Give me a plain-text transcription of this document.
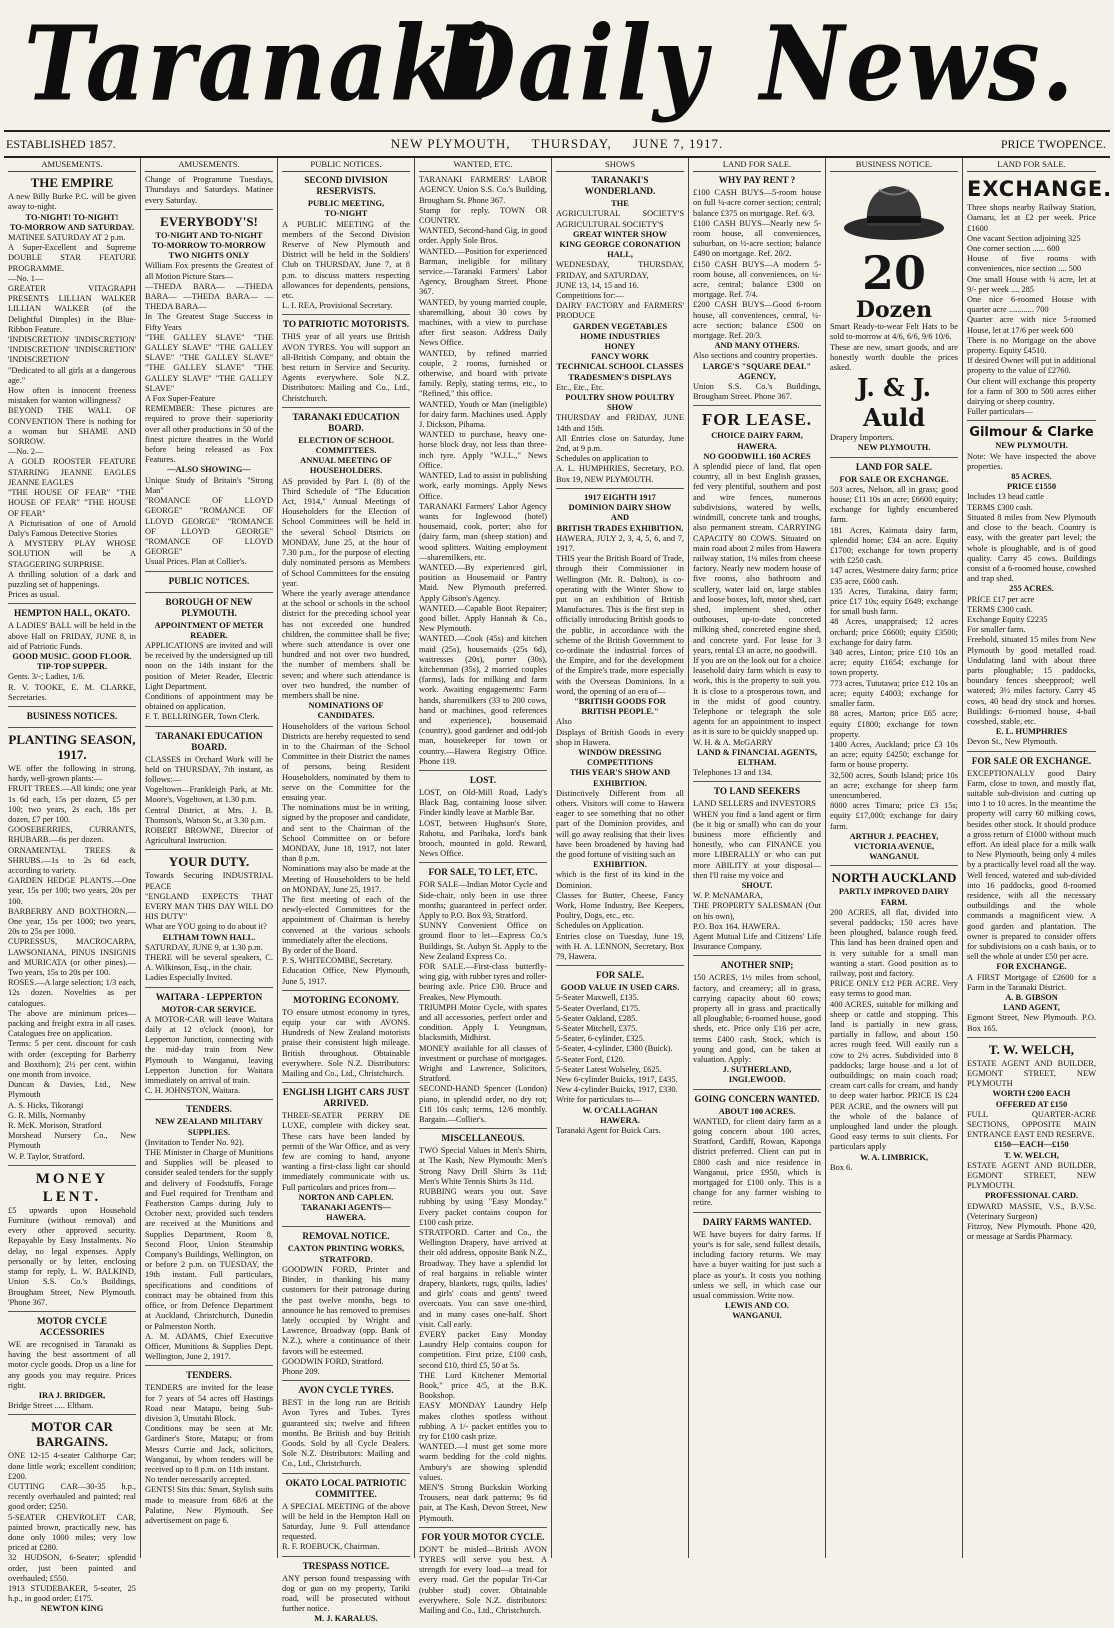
Taranaki
Daily News.
ESTABLISHED 1857.	NEW PLYMOUTH, THURSDAY, JUNE 7, 1917.	PRICE TWOPENCE.
AMUSEMENTS.
THE EMPIRE
A new Billy Burke P.C. will be given away to-night.
TO-NIGHT! TO-NIGHT!
TO-MORROW AND SATURDAY.
MATINEE SATURDAY AT 2 p.m.
A Super-Excellent and Supreme DOUBLE STAR FEATURE PROGRAMME.
—No. 1—
GREATER VITAGRAPH PRESENTS LILLIAN WALKER LILLIAN WALKER (of the Delightful Dimples) in the Blue-Ribbon Feature.
'INDISCRETION' 'INDISCRETION' 'INDISCRETION' 'INDISCRETION' 'INDISCRETION'
"Dedicated to all girls at a dangerous age."
How often is innocent freeness mistaken for wanton willingness?
BEYOND THE WALL OF CONVENTION There is nothing for a woman but SHAME AND SORROW.
—No. 2—
A GOLD ROOSTER FEATURE STARRING JEANNE EAGLES JEANNE EAGLES
"THE HOUSE OF FEAR" "THE HOUSE OF FEAR" "THE HOUSE OF FEAR"
A Picturisation of one of Arnold Daly's Famous Detective Stories
A MYSTERY PLAY WHOSE SOLUTION will be A STAGGERING SURPRISE.
A thrilling solution of a dark and puzzling set of happenings.
Prices as usual.
HEMPTON HALL, OKATO.
A LADIES' BALL will be held in the above Hall on FRIDAY, JUNE 8, in aid of Patriotic Funds.
GOOD MUSIC. GOOD FLOOR. TIP-TOP SUPPER.
Gents. 3/-; Ladies, 1/6.
R. V. TOOKE, E. M. CLARKE, Secretaries.
BUSINESS NOTICES.
PLANTING SEASON, 1917.
WE offer the following in strong, hardy, well-grown plants:—
FRUIT TREES.—All kinds; one year 1s 6d each, 15s per dozen, £5 per 100; two years, 2s each, 18s per dozen, £7 per 100.
GOOSEBERRIES, CURRANTS, RHUBARB.—6s per dozen.
ORNAMENTAL TREES & SHRUBS.—1s to 2s 6d each, according to variety.
GARDEN HEDGE PLANTS.—One year, 15s per 100; two years, 20s per 100.
BARBERRY AND BOXTHORN.—One year, 15s per 1000; two years, 20s to 25s per 1000.
CUPRESSUS, MACROCARPA, LAWSONIANA, PINUS INSIGNIS and MURICATA (or other pines).—Two years, 15s to 20s per 100.
ROSES.—A large selection; 1/3 each, 12s dozen. Novelties as per catalogues.
The above are minimum prices—packing and freight extra in all cases. Catalogues free on application.
Terms: 5 per cent. discount for cash with order (excepting for Barberry and Boxthorn); 2½ per cent. within one month from invoice.
Duncan & Davies, Ltd., New Plymouth
A. S. Hicks, Tikorangi
G. R. Mills, Normanby
R. McK. Morison, Stratford
Morshead Nursery Co., New Plymouth
W. P. Taylor, Stratford.
MONEY LENT.
£5 upwards upon Household Furniture (without removal) and every other approved security. Repayable by Easy Instalments. No delay, no legal expenses. Apply personally or by letter, enclosing stamp for reply, L. W. BALKIND, Union S.S. Co.'s Buildings, Brougham Street, New Plymouth. 'Phone 367.
MOTOR CYCLE ACCESSORIES
WE are recognised in Taranaki as having the best assortment of all motor cycle goods. Drop us a line for any goods you may require. Prices right.
IRA J. BRIDGER,
Bridge Street ..... Eltham.
MOTOR CAR BARGAINS.
ONE 12-15 4-seater Calthorpe Car; done little work; excellent condition; £200.
CUTTING CAR—30-35 h.p., recently overhauled and painted; real good order; £250.
5-SEATER CHEVROLET CAR, painted brown, practically new, has done only 1000 miles; very low priced at £280.
32 HUDSON, 6-Seater; splendid order, just been painted and overhauled; £550.
1913 STUDEBAKER, 5-seater, 25 h.p., in good order; £175.
NEWTON KING
AMUSEMENTS.
Change of Programme Tuesdays, Thursdays and Saturdays. Matinee every Saturday.
EVERYBODY'S!
TO-NIGHT AND TO-NIGHT
TO-MORROW TO-MORROW
TWO NIGHTS ONLY
William Fox presents the Greatest of all Motion Picture Stars—
—THEDA BARA— —THEDA BARA— —THEDA BARA— —THEDA BARA—
In The Greatest Stage Success in Fifty Years
"THE GALLEY SLAVE" "THE GALLEY SLAVE" "THE GALLEY SLAVE" "THE GALLEY SLAVE" "THE GALLEY SLAVE" "THE GALLEY SLAVE" "THE GALLEY SLAVE"
A Fox Super-Feature
REMEMBER: These pictures are required to prove their superiority over all other productions in 50 of the finest picture theatres in the World before being released as Fox Features.
—ALSO SHOWING—
Unique Study of Britain's "Strong Man"
"ROMANCE OF LLOYD GEORGE" "ROMANCE OF LLOYD GEORGE" "ROMANCE OF LLOYD GEORGE" "ROMANCE OF LLOYD GEORGE"
Usual Prices. Plan at Collier's.
PUBLIC NOTICES.
BOROUGH OF NEW PLYMOUTH.
APPOINTMENT OF METER READER.
APPLICATIONS are invited and will be received by the undersigned up till noon on the 14th instant for the position of Meter Reader, Electric Light Department.
Conditions of appointment may be obtained on application.
F. T. BELLRINGER, Town Clerk.
TARANAKI EDUCATION BOARD.
CLASSES in Orchard Work will be held on THURSDAY, 7th instant, as follows:—
Vogeltown—Frankleigh Park, at Mr. Moore's, Vogeltown, at 1.30 p.m.
Central District, at Mrs. J. B. Thomson's, Watson St., at 3.30 p.m.
ROBERT BROWNE, Director of Agricultural Instruction.
YOUR DUTY.
Towards Securing INDUSTRIAL PEACE
"ENGLAND EXPECTS THAT EVERY MAN THIS DAY WILL DO HIS DUTY"
What are YOU going to do about it?
ELTHAM TOWN HALL.
SATURDAY, JUNE 9, at 1.30 p.m.
THERE will be several speakers, C. A. Wilkinson, Esq., in the chair.
Ladies Especially Invited.
WAITARA - LEPPERTON
MOTOR-CAR SERVICE.
A MOTOR-CAR will leave Waitara daily at 12 o'clock (noon), for Lepperton Junction, connecting with the mid-day train from New Plymouth to Wanganui, leaving Lepperton Junction for Waitara immediately on arrival of train.
C. H. JOHNSTON, Waitara.
TENDERS.
NEW ZEALAND MILITARY SUPPLIES.
(Invitation to Tender No. 92).
THE Minister in Charge of Munitions and Supplies will be pleased to consider sealed tenders for the supply and delivery of Foodstuffs, Forage and Fuel required for Trentham and Featherston Camps during July to October next, provided such tenders are received at the Munitions and Supplies Department, Room 8, Second Floor, Union Steamship Company's Buildings, Wellington, on or before 2 p.m. on TUESDAY, the 19th instant. Full particulars, specifications and conditions of contract may be obtained from this office, or from Defence Department at Auckland, Christchurch, Dunedin or Palmerston North.
A. M. ADAMS, Chief Executive Officer, Munitions & Supplies Dept. Wellington, June 2, 1917.
TENDERS.
TENDERS are invited for the lease for 7 years of 54 acres off Hastings Road near Matapu, being Sub-division 3, Umutahi Block.
Conditions may be seen at Mr. Gardiner's Store, Matapu; or from Messrs Currie and Jack, solicitors, Wanganui, by whom tenders will be received up to 8 p.m. on 11th instant.
No tender necessarily accepted.
GENTS! Sits this: Smart, Stylish suits made to measure from 68/6 at the Palatine, New Plymouth. See advertisement on page 6.
PUBLIC NOTICES.
SECOND DIVISION RESERVISTS.
PUBLIC MEETING,
TO-NIGHT
A PUBLIC MEETING of the members of the Second Division Reserve of New Plymouth and District will be held in the Soldiers' Club on THURSDAY, June 7, at 8 p.m. to discuss matters respecting allowances for dependents, pensions, etc.
L. I. REA, Provisional Secretary.
TO PATRIOTIC MOTORISTS.
THIS year of all years use British AVON TYRES. You will support an all-British Company, and obtain the best return in Service and Security. Agents everywhere. Sole N.Z. Distributors: Mailing and Co., Ltd., Christchurch.
TARANAKI EDUCATION BOARD.
ELECTION OF SCHOOL COMMITTEES.
ANNUAL MEETING OF HOUSEHOLDERS.
AS provided by Part I. (8) of the Third Schedule of "The Education Act, 1914," Annual Meetings of Householders for the Election of School Committees will be held in the several School Districts on MONDAY, June 25, at the hour of 7.30 p.m., for the purpose of electing duly nominated persons as Members of School Committees for the ensuing year.
Where the yearly average attendance at the school or schools in the school district for the preceding school year has not exceeded one hundred children, the committee shall be five; where such attendance is over one hundred and not over two hundred, the number of members shall be seven; and where such attendance is over two hundred, the number of members shall be nine.
NOMINATIONS OF CANDIDATES.
Householders of the various School Districts are hereby requested to send in to the Chairman of the School Committee in their District the names of persons, being Resident Householders, nominated by them to serve on the Committee for the ensuing year.
The nominations must be in writing, signed by the proposer and candidate, and sent to the Chairman of the School Committee on or before MONDAY, June 18, 1917, not later than 8 p.m.
Nominations may also be made at the Meeting of Householders to be held on MONDAY, June 25, 1917.
The first meeting of each of the newly-elected Committees for the appointment of Chairman is hereby convened at the various schools immediately after the elections.
By order of the Board.
P. S. WHITECOMBE, Secretary.
Education Office, New Plymouth, June 5, 1917.
MOTORING ECONOMY.
TO ensure utmost economy in tyres, equip your car with AVONS. Hundreds of New Zealand motorists praise their consistent high mileage. British throughout. Obtainable everywhere. Sole N.Z. Distributors: Mailing and Co., Ltd., Christchurch.
ENGLISH LIGHT CARS JUST ARRIVED.
THREE-SEATER PERRY DE LUXE, complete with dickey seat. These cars have been landed by permit of the War Office, and as very few are coming to hand, anyone wanting a first-class light car should immediately communicate with us. Full particulars and prices from—
NORTON AND CAPLEN.
TARANAKI AGENTS—HAWERA.
REMOVAL NOTICE.
CAXTON PRINTING WORKS, STRATFORD.
GOODWIN FORD, Printer and Binder, in thanking his many customers for their patronage during the past twelve months, begs to announce he has removed to premises lately occupied by Wright and Lawrence, Broadway (opp. Bank of N.Z.), where a continuance of their favors will be esteemed.
GOODWIN FORD, Stratford.
Phone 209.
AVON CYCLE TYRES.
BEST in the long run are British Avon Tyres and Tubes. Tyres guaranteed six; twelve and fifteen months. Be British and buy British Goods. Sold by all Cycle Dealers. Sole N.Z. Distributors: Mailing and Co., Ltd., Christchurch.
OKATO LOCAL PATRIOTIC COMMITTEE.
A SPECIAL MEETING of the above will be held in the Hempton Hall on Saturday, June 9. Full attendance requested.
R. F. ROEBUCK, Chairman.
TRESPASS NOTICE.
ANY person found trespassing with dog or gun on my property, Tariki road, will be prosecuted without further notice.
M. J. KARALUS.
WANTED, ETC.
TARANAKI FARMERS' LABOR AGENCY. Union S.S. Co.'s Building, Brougham St. Phone 367.
Stamp for reply. TOWN OR COUNTRY.
WANTED, Second-hand Gig, in good order. Apply Sole Bros.
WANTED.—Position for experienced Barman, ineligible for military service.—Taranaki Farmers' Labor Agency, Brougham Street. Phone 367.
WANTED, by young married couple, sharemilking, about 30 cows by machines, with a view to purchase after first season. Address Daily News Office.
WANTED, by refined married couple, 2 rooms, furnished or otherwise, and board with private family. Reply, stating terms, etc., to "Refined," this office.
WANTED, Youth or Man (ineligible) for dairy farm. Machines used. Apply J. Dickson, Pihama.
WANTED to purchase, heavy one-horse block dray, not less than three-inch tyre. Apply "W.J.L.," News Office.
WANTED, Lad to assist in publishing work, early mornings. Apply News Office.
TARANAKI Farmers' Labor Agency wants for Inglewood (hotel) housemaid, cook, porter; also for (dairy farm, man (sheep station) and wood splitters. Waiting employment—sharemilkers, etc.
WANTED.—By experienced girl, position as Housemaid or Pantry Maid. New Plymouth preferred. Apply Gibson's Agency.
WANTED.—Capable Boot Repairer; good billet. Apply Hannah & Co., New Plymouth.
WANTED.—Cook (45s) and kitchen maid (25s), housemaids (25s 6d), waitresses (20s), porter (30s), kitchenman (35s), 2 married couples (farms), lads for milking and farm work. Awaiting engagements: Farm hands, sharemilkers (33 to 200 cows, hand or machines, good references and experience), housemaid (country), good gardener and odd-job man, housekeeper for town or country.—Hawera Registry Office. Phone 119.
LOST.
LOST, on Old-Mill Road, Lady's Black Bag, containing loose silver. Finder kindly leave at Marble Bar.
LOST, between Hughson's Store, Rahotu, and Parihaka, lord's bank brooch, mounted in gold. Reward, News Office.
FOR SALE, TO LET, ETC.
FOR SALE—Indian Motor Cycle and Side-chair, only been in use three months; guaranteed in perfect order. Apply to P.O. Box 93, Stratford.
SUNNY Convenient Office on ground floor to let—Express Co.'s Buildings, St. Aubyn St. Apply to the New Zealand Express Co.
FOR SALE.—First-class butterfly-wing gig, with rubber tyres and roller-bearing axle. Price £30. Bruce and Freakes, New Plymouth.
TRIUMPH Motor Cycle, with spares and all accessories, perfect order and condition. Apply I. Yeungman, blacksmith, Midhirst.
MONEY available for all classes of investment or purchase of mortgages. Wright and Lawrence, Solicitors, Stratford.
SECOND-HAND Spencer (London) piano, in splendid order, no dry rot; £18 10s cash; terms, 12/6 monthly. Bargain.—Collier's.
MISCELLANEOUS.
TWO Special Values in Men's Shirts, at The Kash, New Plymouth: Men's Strong Navy Drill Shirts 3s 11d; Men's White Tennis Shirts 3s 11d.
RUBBING wears you out. Save rubbing by using "Easy Monday." Every packet contains coupon for £100 cash prize.
STRATFORD. Carter and Co., the Wellington Drapery, have arrived at their old address, opposite Bank N.Z., Broadway. They have a splendid lot of real bargains in reliable winter drapery, blankets, rugs, quilts, ladies' and girls' coats and gents' tweed overcoats. You can save one-third, and in many cases one-half. Short visit. Call early.
EVERY packet Easy Monday Laundry Help contains coupon for competition. First prize, £100 cash, second £10, third £5, 50 at 5s.
THE Lord Kitchener Memorial Book," price 4/5, at the B.K. Bookshop.
EASY MONDAY Laundry Help makes clothes spotless without rubbing. A 1/- packet entitles you to try for £100 cash prize.
WANTED.—I must get some more warm bedding for the cold nights. Ambury's are showing splendid values.
MEN'S Strong Buckskin Working Trousers, neat dark patterns; 9s 6d pair, at The Kash, Devon Street, New Plymouth.
FOR YOUR MOTOR CYCLE.
DON'T be misled—British AVON TYRES will serve you best. A strength for every load—a tread for every road. Get the popular Tri-Car (rubber stud) cover. Obtainable everywhere. Sole N.Z. distributors: Mailing and Co., Ltd., Christchurch.
SHOWS
TARANAKI'S WONDERLAND.
THE
AGRICULTURAL SOCIETY'S AGRICULTURAL SOCIETY'S
GREAT WINTER SHOW
KING GEORGE CORONATION HALL,
WEDNESDAY, THURSDAY, FRIDAY, and SATURDAY,
JUNE 13, 14, 15 and 16.
Competitions for:—
DAIRY FACTORY and FARMERS' PRODUCE
GARDEN VEGETABLES
HOME INDUSTRIES
HONEY
FANCY WORK
TECHNICAL SCHOOL CLASSES
TRADESMEN'S DISPLAYS
Etc., Etc., Etc.
POULTRY SHOW POULTRY SHOW
THURSDAY and FRIDAY, JUNE 14th and 15th.
All Entries close on Saturday, June 2nd, at 9 p.m.
Schedules on application to
A. L. HUMPHRIES, Secretary, P.O. Box 19, NEW PLYMOUTH.
1917 EIGHTH 1917
DOMINION DAIRY SHOW
AND
BRITISH TRADES EXHIBITION.
HAWERA, JULY 2, 3, 4, 5, 6, and 7, 1917.
THIS year the British Board of Trade, through their Commissioner in Wellington (Mr. R. Dalton), is co-operating with the Winter Show to put on an exhibition of British Manufactures. This is the first step in officially introducing British goods to the public, in accordance with the scheme of the British Government to co-ordinate the industrial forces of the Empire, and for the development of the Empire's trade, more especially with the Overseas Dominions. In a word, the opening of an era of—
"BRITISH GOODS FOR BRITISH PEOPLE."
Also
Displays of British Goods in every shop in Hawera.
WINDOW DRESSING COMPETITIONS
THIS YEAR'S SHOW AND EXHIBITION.
Distinctively Different from all others. Visitors will come to Hawera eager to see something that no other part of the Dominion provides, and will go away realising that their lives have been broadened by having had the good fortune of visiting such an
EXHIBITION.
which is the first of its kind in the Dominion.
Classes for Butter, Cheese, Fancy Work, Home Industry, Bee Keepers, Poultry, Dogs, etc., etc.
Schedules on Application.
Entries close on Tuesday, June 19, with H. A. LENNON, Secretary, Box 79, Hawera.
FOR SALE.
GOOD VALUE IN USED CARS.
5-Seater Maxwell, £135.
5-Seater Overland, £175.
5-Seater Oakland, £285.
5-Seater Mitchell, £375.
5-Seater, 6-cylinder, £325.
5-Seater, 4-cylinder, £300 (Buick).
5-Seater Ford, £120.
5-Seater Latest Wolseley, £625.
New 6-cylinder Buicks, 1917, £435.
New 4-cylinder Buicks, 1917, £330.
Write for particulars to—
W. O'CALLAGHAN
HAWERA.
Taranaki Agent for Buick Cars.
LAND FOR SALE.
WHY PAY RENT ?
£100 CASH BUYS—5-room house on full ¼-acre corner section; central; balance £375 on mortgage. Ref. 6/3.
£100 CASH BUYS—Nearly new 5-room house, all conveniences, suburban, on ½-acre section; balance £490 on mortgage. Ref. 20/2.
£150 CASH BUYS—A modern 5-room house, all conveniences, on ¼-acre, central; balance £300 on mortgage. Ref. 7/4.
£200 CASH BUYS—Good 6-room house, all conveniences, central, ¼-acre section; balance £500 on mortgage. Ref. 20/3.
AND MANY OTHERS.
Also sections and country properties.
LARGE'S "SQUARE DEAL" AGENCY,
Union S.S. Co.'s Buildings, Brougham Street. Phone 367.
FOR LEASE.
CHOICE DAIRY FARM, HAWERA.
NO GOODWILL 160 ACRES
A splendid piece of land, flat open country, all in best English grasses, fed very plentiful, southern and post and wire fences, numerous subdivisions, watered by wells, windmill, concrete tank and troughs, also permanent stream. CARRYING CAPACITY 80 COWS. Situated on main road about 2 miles from Hawera railway station, 1¼ miles from cheese factory. Nearly new modern house of five rooms, also bathroom and scullery, water laid on, large stables and loose boxes, loft, motor shed, cart shed, implement shed, other outhouses, up-to-date concreted milking shed, concreted engine shed, and concrete yard. For lease for 3 years, rental £3 an acre, no goodwill.
If you are on the look out for a choice leasehold dairy farm which is easy to work, this is the property to suit you. It is close to a prosperous town, and in the midst of good country. Telephone or telegraph the sole agents for an appointment to inspect as it is sure to be quickly snapped up.
W. H. & A. McGARRY
LAND & FINANCIAL AGENTS, ELTHAM.
Telephones 13 and 134.
TO LAND SEEKERS
LAND SELLERS and INVESTORS
WHEN you find a land agent or firm (be it big or small) who can do your business more efficiently and honestly, who can FINANCE you more LIBERALLY or who can put more ABILITY at your disposal—then I'll raise my voice and
SHOUT.
W. P. McNAMARA,
THE PROPERTY SALESMAN (Out on his own),
P.O. Box 164. HAWERA.
Agent Mutual Life and Citizens' Life Insurance Company.
ANOTHER SNIP;
150 ACRES, 1½ miles from school, factory, and creamery; all in grass, carrying capacity about 60 cows; property all in grass and practically all ploughable; 6-roomed house, good sheds, etc. Price only £16 per acre, terms £400 cash. Stock, which is young and good, can be taken at valuation. Apply:
J. SUTHERLAND,
INGLEWOOD.
GOING CONCERN WANTED.
ABOUT 100 ACRES.
WANTED, for client dairy farm as a going concern about 100 acres, Stratford, Cardiff, Rowan, Kaponga district preferred. Client can put in £800 cash and nice residence in Wanganui, price £950, which is mortgaged for £100 only. This is a change for any farmer wishing to retire.
DAIRY FARMS WANTED.
WE have buyers for dairy farms. If your's is for sale, send fullest details, including factory returns. We may have a buyer waiting for just such a place as your's. It costs you nothing unless we sell, in which case our usual commission. Write now.
LEWIS AND CO.
WANGANUI.
BUSINESS NOTICE.
20
Dozen
Smart Ready-to-wear Felt Hats to be sold to-morrow at 4/6, 6/6, 9/6 10/6.
These are new, smart goods, and are honestly worth double the prices asked.
J. & J. Auld
Drapery Importers.
NEW PLYMOUTH.
LAND FOR SALE.
FOR SALE OR EXCHANGE.
503 acres, Nelson, all in grass; good house; £11 10s an acre; £6600 equity; exchange for lightly encumbered farm.
181 Acres, Kaimata dairy farm, splendid home; £34 an acre. Equity £1700; exchange for town property with £250 cash.
147 acres, Westmere dairy farm; price £35 acre, £600 cash.
135 Acres, Turakina, dairy farm; price £17 10s; equity £649; exchange for small bush farm.
48 Acres, unappraised; 12 acres orchard; price £6600; equity £3500; exchange for dairy farm.
340 acres, Linton; price £10 10s an acre; equity £1654; exchange for town property.
773 acres, Tututawa; price £12 10s an acre; equity £4003; exchange for smaller farm.
88 acres, Marton; price £65 acre; equity £1800; exchange for town property.
1400 Acres, Auckland; price £3 10s an acre; equity £4250; exchange for farm or house property.
32,500 acres, South Island; price 10s an acre; exchange for sheep farm unencumbered.
8000 acres Timaru; price £3 15s; equity £17,000; exchange for dairy farm.
ARTHUR J. PEACHEY,
VICTORIA AVENUE,
WANGANUI.
NORTH AUCKLAND
PARTLY IMPROVED DAIRY FARM.
200 ACRES, all flat, divided into several paddocks; 150 acres have been ploughed, balance rough feed. This land has been drained open and is very suitable for a small man wanting a start. Good position as to railway, post and factory.
PRICE ONLY £12 PER ACRE. Very easy terms to good man.
400 ACRES, suitable for milking and sheep or cattle and stopping. This land is partially in new grass, partially in fallow, and about 150 acres rough feed. Will easily run a cow to 2½ acres. Subdivided into 8 paddocks; large house and a lot of outbuildings; on main coach road; cream cart calls for cream, and handy to deep water harbor. PRICE IS £24 PER ACRE, and the owners will put the whole of the balance of unploughed land under the plough. Good easy terms to suit clients. For particulars apply
W. A. LIMBRICK,
Box 6.
LAND FOR SALE.
EXCHANGE.
Three shops nearby Railway Station, Oamaru, let at £2 per week. Price £1600
One vacant Section adjoining 325
One corner section ...... 600
House of five rooms with conveniences, nice section .... 500
One small House with ¼ acre, let at 9/- per week .... 285
One nice 6-roomed House with quarter acre ............ 700
Quarter acre with nice 5-roomed House, let at 17/6 per week 600
There is no Mortgage on the above property. Equity £4510.
If desired Owner will put in additional property to the value of £2760.
Our client will exchange this property for a farm of 300 to 500 acres either dairying or sheep country.
Fuller particulars—
Gilmour & Clarke
NEW PLYMOUTH.
Note: We have inspected the above properties.
85 ACRES.
PRICE £1550
Includes 13 head cattle
TERMS £300 cash.
Situated 8 miles from New Plymouth and close to the beach. Country is easy, with the greater part level; the whole is ploughable, and is of good quality. Carry 45 cows. Buildings consist of a 6-roomed house, cowshed and trap shed.
255 ACRES.
PRICE £17 per acre
TERMS £300 cash.
Exchange Equity £2235
For smaller farm.
Freehold, situated 15 miles from New Plymouth by good metalled road. Undulating land with about three parts ploughable; 15 paddocks, boundary fences sheepproof; well watered; 3½ miles factory. Carry 45 cows, 40 head dry stock and horses. Buildings: 6-roomed house, 4-bail cowshed, stable, etc.
E. L. HUMPHRIES
Devon St., New Plymouth.
FOR SALE OR EXCHANGE.
EXCEPTIONALLY good Dairy Farm, close to town, and mostly flat, suitable sub-division and cutting up into 1 to 10 acres. In the meantime the property will carry 60 milking cows, besides other stock. It should produce a gross return of £1000 without much effort. An ideal place for a milk walk to New Plymouth, being only 4 miles by a practically level road all the way. Well fenced, watered and sub-divided into 16 paddocks, good 8-roomed residence, with all the necessary outbuildings and the whole commands a magnificent view. A good garden and plantation. The owner is prepared to consider offers for subdivisions on a cash basis, or to sell the whole at under £50 per acre.
FOR EXCHANGE.
A FIRST Mortgage of £2600 for a Farm in the Taranaki District.
A. B. GIBSON
LAND AGENT,
Egmont Street, New Plymouth. P.O. Box 165.
T. W. WELCH,
ESTATE AGENT AND BUILDER, EGMONT STREET, NEW PLYMOUTH
WORTH £200 EACH
OFFERED AT £150
FULL QUARTER-ACRE SECTIONS, OPPOSITE MAIN ENTRANCE EAST END RESERVE.
£150—EACH—£150
T. W. WELCH,
ESTATE AGENT AND BUILDER, EGMONT STREET, NEW PLYMOUTH.
PROFESSIONAL CARD.
EDWARD MASSIE, V.S., B.V.Sc. (Veterinary Surgeon)
Fitzroy, New Plymouth. Phone 420, or message at Sardis Pharmacy.
